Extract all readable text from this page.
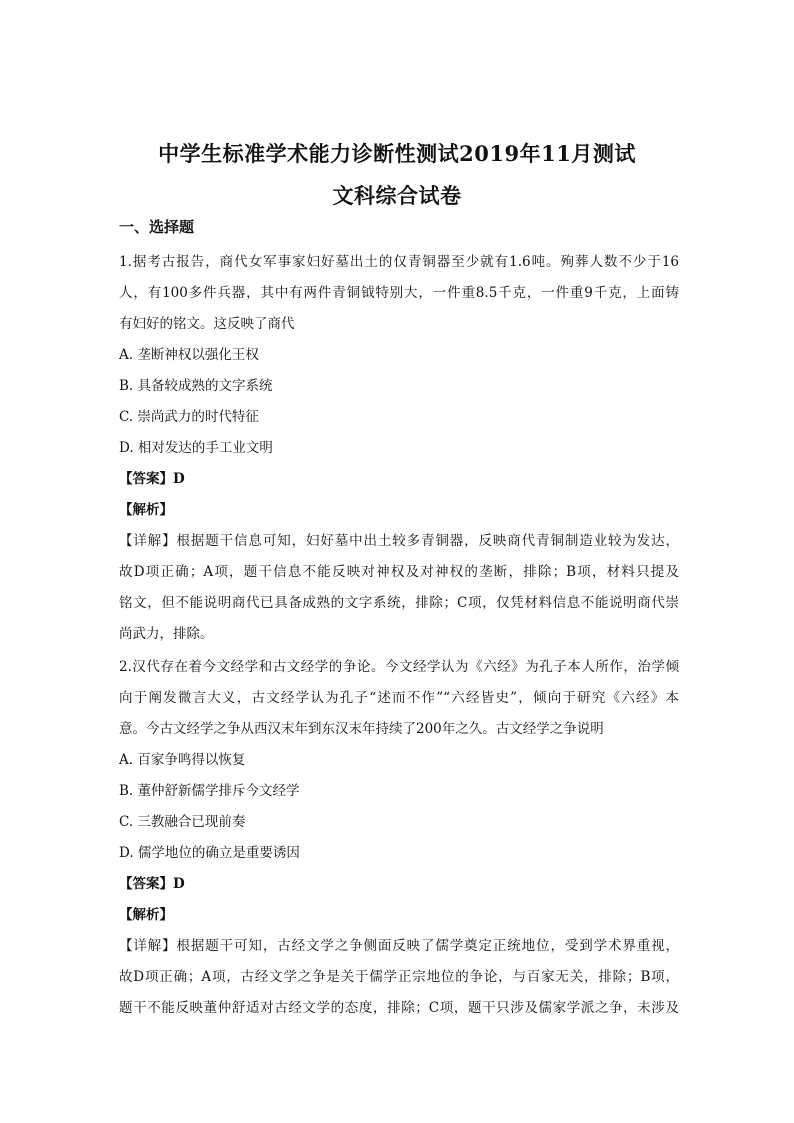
中学生标准学术能力诊断性测试2019年11月测试
文科综合试卷
一、选择题
1.据考古报告，商代女军事家妇好墓出土的仅青铜器至少就有1.6吨。殉葬人数不少于16
人，有100多件兵器，其中有两件青铜钺特别大，一件重8.5千克，一件重9千克，上面铸
有妇好的铭文。这反映了商代
A. 垄断神权以强化王权
B. 具备较成熟的文字系统
C. 崇尚武力的时代特征
D. 相对发达的手工业文明
【答案】D
【解析】
【详解】根据题干信息可知，妇好墓中出土较多青铜器，反映商代青铜制造业较为发达，
故D项正确；A项，题干信息不能反映对神权及对神权的垄断，排除；B项，材料只提及
铭文，但不能说明商代已具备成熟的文字系统，排除；C项，仅凭材料信息不能说明商代崇
尚武力，排除。
2.汉代存在着今文经学和古文经学的争论。今文经学认为《六经》为孔子本人所作，治学倾
向于阐发微言大义，古文经学认为孔子“述而不作”“六经皆史”，倾向于研究《六经》本
意。今古文经学之争从西汉末年到东汉末年持续了200年之久。古文经学之争说明
A. 百家争鸣得以恢复
B. 董仲舒新儒学排斥今文经学
C. 三教融合已现前奏
D. 儒学地位的确立是重要诱因
【答案】D
【解析】
【详解】根据题干可知，古经文学之争侧面反映了儒学奠定正统地位，受到学术界重视，
故D项正确；A项，古经文学之争是关于儒学正宗地位的争论，与百家无关，排除；B项，
题干不能反映董仲舒适对古经文学的态度，排除；C项，题干只涉及儒家学派之争，未涉及
